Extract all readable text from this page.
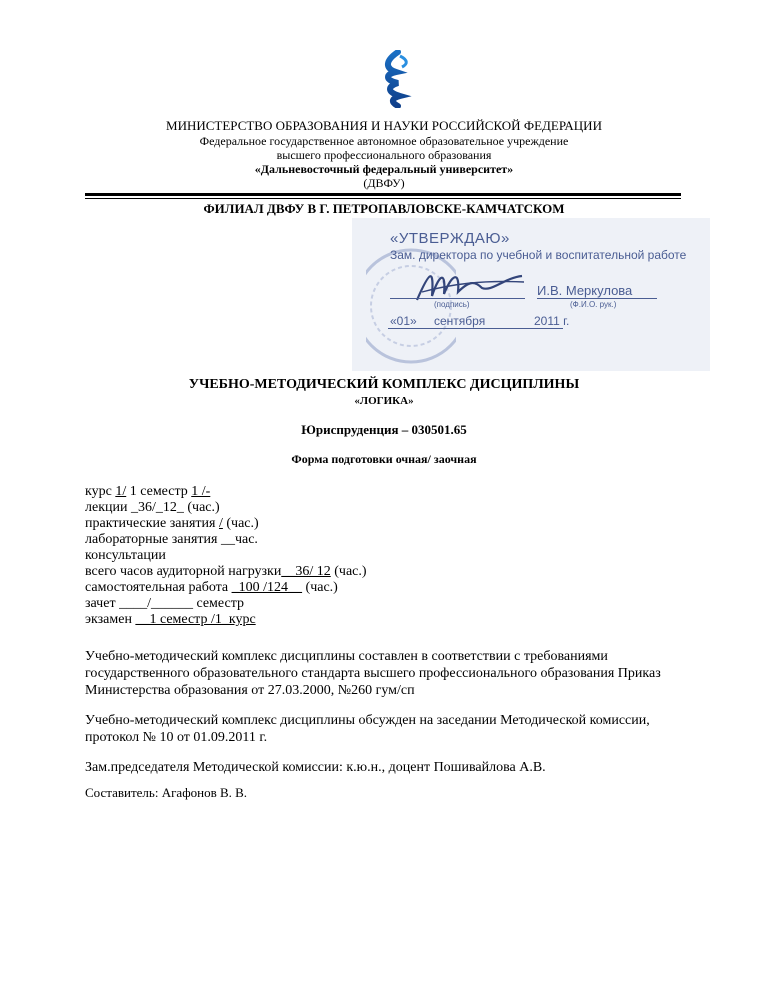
МИНИСТЕРСТВО ОБРАЗОВАНИЯ И НАУКИ РОССИЙСКОЙ ФЕДЕРАЦИИ
Федеральное государственное автономное образовательное учреждение
высшего профессионального образования
«Дальневосточный федеральный университет»
(ДВФУ)
ФИЛИАЛ ДВФУ В Г. ПЕТРОПАВЛОВСКЕ-КАМЧАТСКОМ
«УТВЕРЖДАЮ»
Зам. директора по учебной и воспитательной работе
И.В. Меркулова
(подпись)	(Ф.И.О. рук.)
«01» сентября	2011 г.
УЧЕБНО-МЕТОДИЧЕСКИЙ КОМПЛЕКС ДИСЦИПЛИНЫ
«ЛОГИКА»
Юриспруденция – 030501.65
Форма подготовки очная/ заочная
курс 1/ 1 семестр 1 /-
лекции _36/_12_ (час.)
практические занятия / (час.)
лабораторные занятия __час.
консультации
всего часов аудиторной нагрузки__36/ 12 (час.)
самостоятельная работа _100 /124__ (час.)
зачет ____/______ семестр
экзамен __1 семестр /1_курс
Учебно-методический комплекс дисциплины составлен в соответствии с требованиями государственного образовательного стандарта высшего профессионального образования Приказ Министерства образования от 27.03.2000, №260 гум/сп
Учебно-методический комплекс дисциплины обсужден на заседании Методической комиссии, протокол № 10 от 01.09.2011 г.
Зам.председателя Методической комиссии: к.ю.н., доцент Пошивайлова А.В.
Составитель: Агафонов В. В.
